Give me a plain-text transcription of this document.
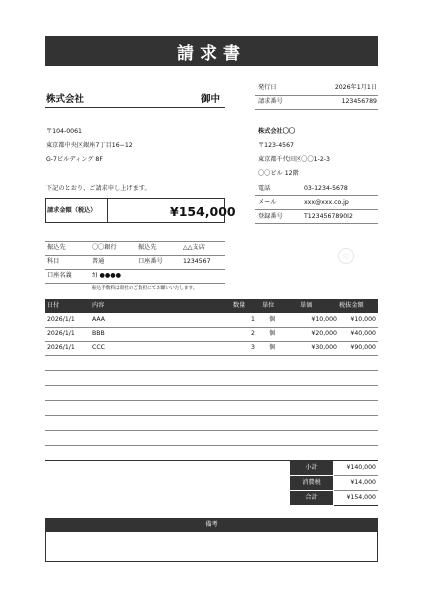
請求書
株式会社	御中
〒104-0061
東京都中央区銀座7丁目16−12
G-7ビルディング 8F
下記のとおり、ご請求申し上げます。
請求金額（税込）	¥154,000
発行日	2026年1月1日
請求番号	123456789
株式会社〇〇
〒123-4567
東京都千代田区〇〇1-2-3
〇〇ビル 12階
電話	03-1234-5678
メール	xxx@xxx.co.jp
登録番号	T1234567890I2
印
振込先	〇〇銀行	振込先	△△支店
科目	普通	口座番号	1234567
口座名義	ｶ) ●●●●
振込手数料は貴社のご負担にてお願いいたします。
日付	内容	数量	単位	単価	税抜金額
2026/1/1	AAA	1 個	¥10,000	¥10,000
2026/1/1	BBB	2 個	¥20,000	¥40,000
2026/1/1	CCC	3 個	¥30,000	¥90,000
小計	¥140,000
消費税	¥14,000
合計	¥154,000
備考
